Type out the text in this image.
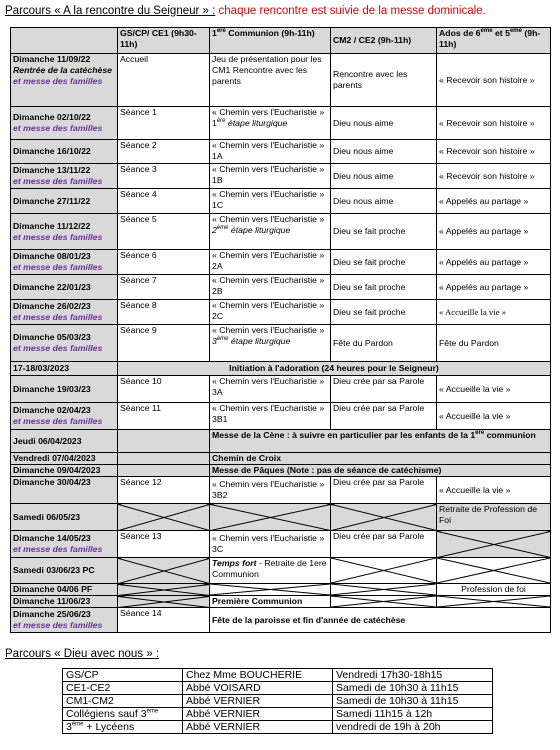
Parcours « A la rencontre du Seigneur » : chaque rencontre est suivie de la messe dominicale.
	GS/CP/ CE1 (9h30-11h)	1ère Communion (9h-11h)	CM2 / CE2 (9h-11h)	Ados de 6ème et 5ème (9h-11h)

Dimanche 11/09/22
Rentrée de la catéchèse
et messe des familles	Accueil	Jeu de présentation pour les CM1 Rencontre avec les parents	Rencontre avec les parents	« Recevoir son histoire »

Dimanche 02/10/22
et messe des familles	Séance 1	« Chemin vers l'Eucharistie » 1ère étape liturgique	Dieu nous aime	« Recevoir son histoire »
Dimanche 16/10/22	Séance 2	« Chemin vers l'Eucharistie » 1A	Dieu nous aime	« Recevoir son histoire »

Dimanche 13/11/22
et messe des familles	Séance 3	« Chemin vers l'Eucharistie » 1B	Dieu nous aime	« Recevoir son histoire »
Dimanche 27/11/22	Séance 4	« Chemin vers l'Eucharistie » 1C	Dieu nous aime	« Appelés au partage »

Dimanche 11/12/22
et messe des familles	Séance 5	« Chemin vers l'Eucharistie » 2ème étape liturgique	Dieu se fait proche	« Appelés au partage »

Dimanche 08/01/23
et messe des familles	Séance 6	« Chemin vers l'Eucharistie » 2A	Dieu se fait proche	« Appelés au partage »
Dimanche 22/01/23	Séance 7	« Chemin vers l'Eucharistie » 2B	Dieu se fait proche	« Appelés au partage »

Dimanche 26/02/23
et messe des familles	Séance 8	« Chemin vers l'Eucharistie » 2C	Dieu se fait proche	« Accueille la vie »

Dimanche 05/03/23
et messe des familles	Séance 9	« Chemin vers l'Eucharistie » 3ème étape liturgique	Fête du Pardon	Fête du Pardon
17-18/03/2023	Initiation à l'adoration (24 heures pour le Seigneur)			
Dimanche 19/03/23	Séance 10	« Chemin vers l'Eucharistie » 3A	Dieu crée par sa Parole	« Accueille la vie »

Dimanche 02/04/23
et messe des familles	Séance 11	« Chemin vers l'Eucharistie » 3B1	Dieu crée par sa Parole	« Accueille la vie »
Jeudi 06/04/2023		Messe de la Cène : à suivre en particulier par les enfants de la 1ère communion		
Vendredi 07/04/2023		Chemin de Croix		
Dimanche 09/04/2023		Messe de Pâques (Note : pas de séance de catéchisme)		
Dimanche 30/04/23	Séance 12	« Chemin vers l'Eucharistie » 3B2	Dieu crée par sa Parole	« Accueille la vie »
Samedi 06/05/23				Retraite de Profession de Foi

Dimanche 14/05/23
et messe des familles	Séance 13	« Chemin vers l'Eucharistie » 3C	Dieu crée par sa Parole	
Samedi 03/06/23 PC		Temps fort - Retraite de 1ere Communion		
Dimanche 04/06 PF				Profession de foi
Dimanche 11/06/23		Première Communion		

Dimanche 25/06/23
et messe des familles	Séance 14	Fête de la paroisse et fin d'année de catéchèse		
Parcours « Dieu avec nous » :
GS/CP	Chez Mme BOUCHERIE	Vendredi 17h30-18h15
CE1-CE2	Abbé VOISARD	Samedi de 10h30 à 11h15
CM1-CM2	Abbé VERNIER	Samedi de 10h30 à 11h15
Collégiens sauf 3ème	Abbé VERNIER	Samedi 11h15 à 12h
3ème + Lycéens	Abbé VERNIER	vendredi de 19h à 20h
